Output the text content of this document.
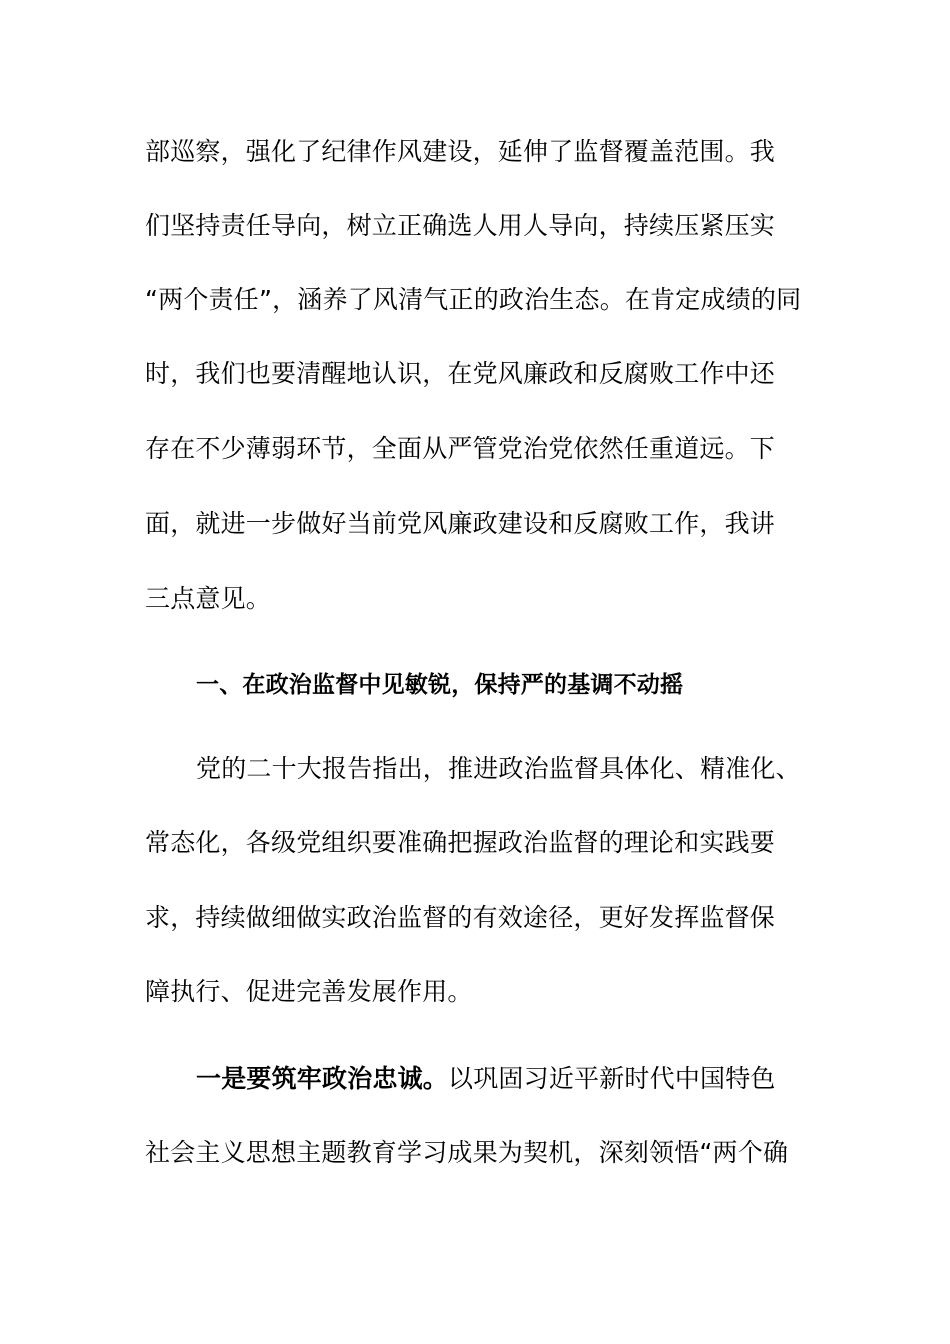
部巡察，强化了纪律作风建设，延伸了监督覆盖范围。我
们坚持责任导向，树立正确选人用人导向，持续压紧压实
“两个责任”，涵养了风清气正的政治生态。在肯定成绩的同
时，我们也要清醒地认识，在党风廉政和反腐败工作中还
存在不少薄弱环节，全面从严管党治党依然任重道远。下
面，就进一步做好当前党风廉政建设和反腐败工作，我讲
三点意见。
一、在政治监督中见敏锐，保持严的基调不动摇
党的二十大报告指出，推进政治监督具体化、精准化、
常态化，各级党组织要准确把握政治监督的理论和实践要
求，持续做细做实政治监督的有效途径，更好发挥监督保
障执行、促进完善发展作用。
一是要筑牢政治忠诚。以巩固习近平新时代中国特色
社会主义思想主题教育学习成果为契机，深刻领悟“两个确
